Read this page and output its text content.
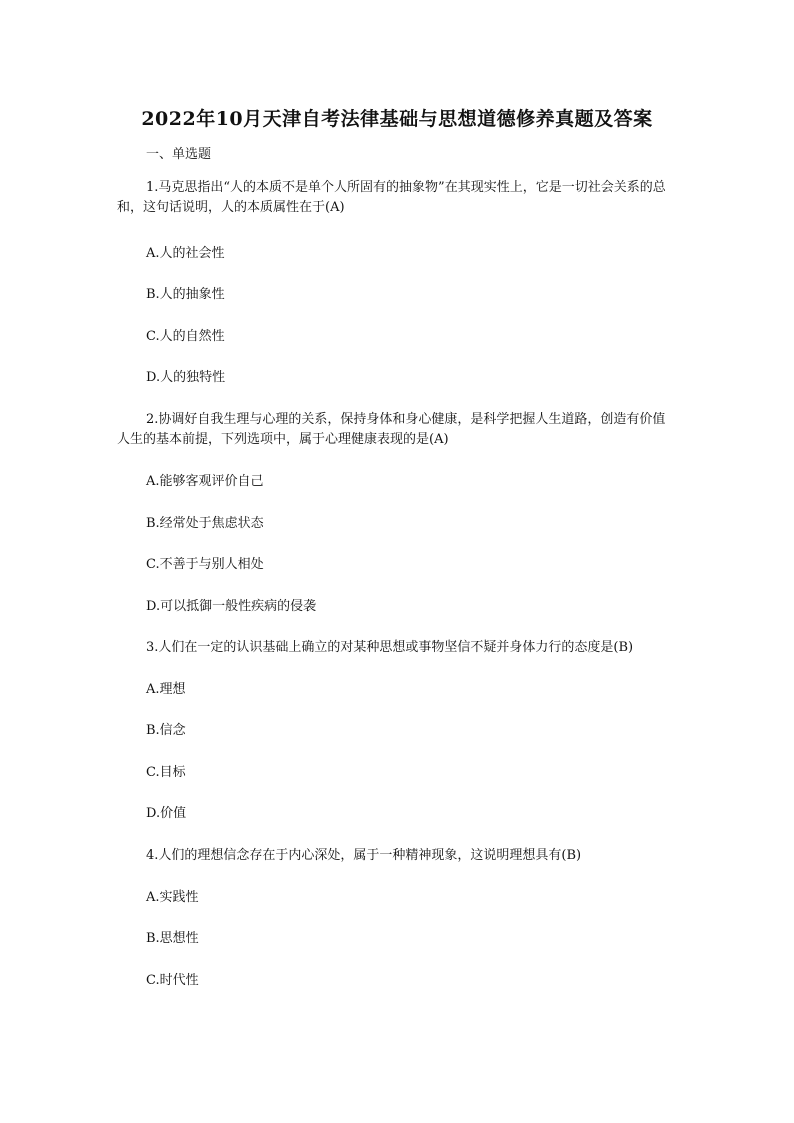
2022年10月天津自考法律基础与思想道德修养真题及答案
一、单选题
1.马克思指出“人的本质不是单个人所固有的抽象物”在其现实性上，它是一切社会关系的总和，这句话说明，人的本质属性在于(A)
A.人的社会性
B.人的抽象性
C.人的自然性
D.人的独特性
2.协调好自我生理与心理的关系，保持身体和身心健康，是科学把握人生道路，创造有价值人生的基本前提，下列选项中，属于心理健康表现的是(A)
A.能够客观评价自己
B.经常处于焦虑状态
C.不善于与别人相处
D.可以抵御一般性疾病的侵袭
3.人们在一定的认识基础上确立的对某种思想或事物坚信不疑并身体力行的态度是(B)
A.理想
B.信念
C.目标
D.价值
4.人们的理想信念存在于内心深处，属于一种精神现象，这说明理想具有(B)
A.实践性
B.思想性
C.时代性
